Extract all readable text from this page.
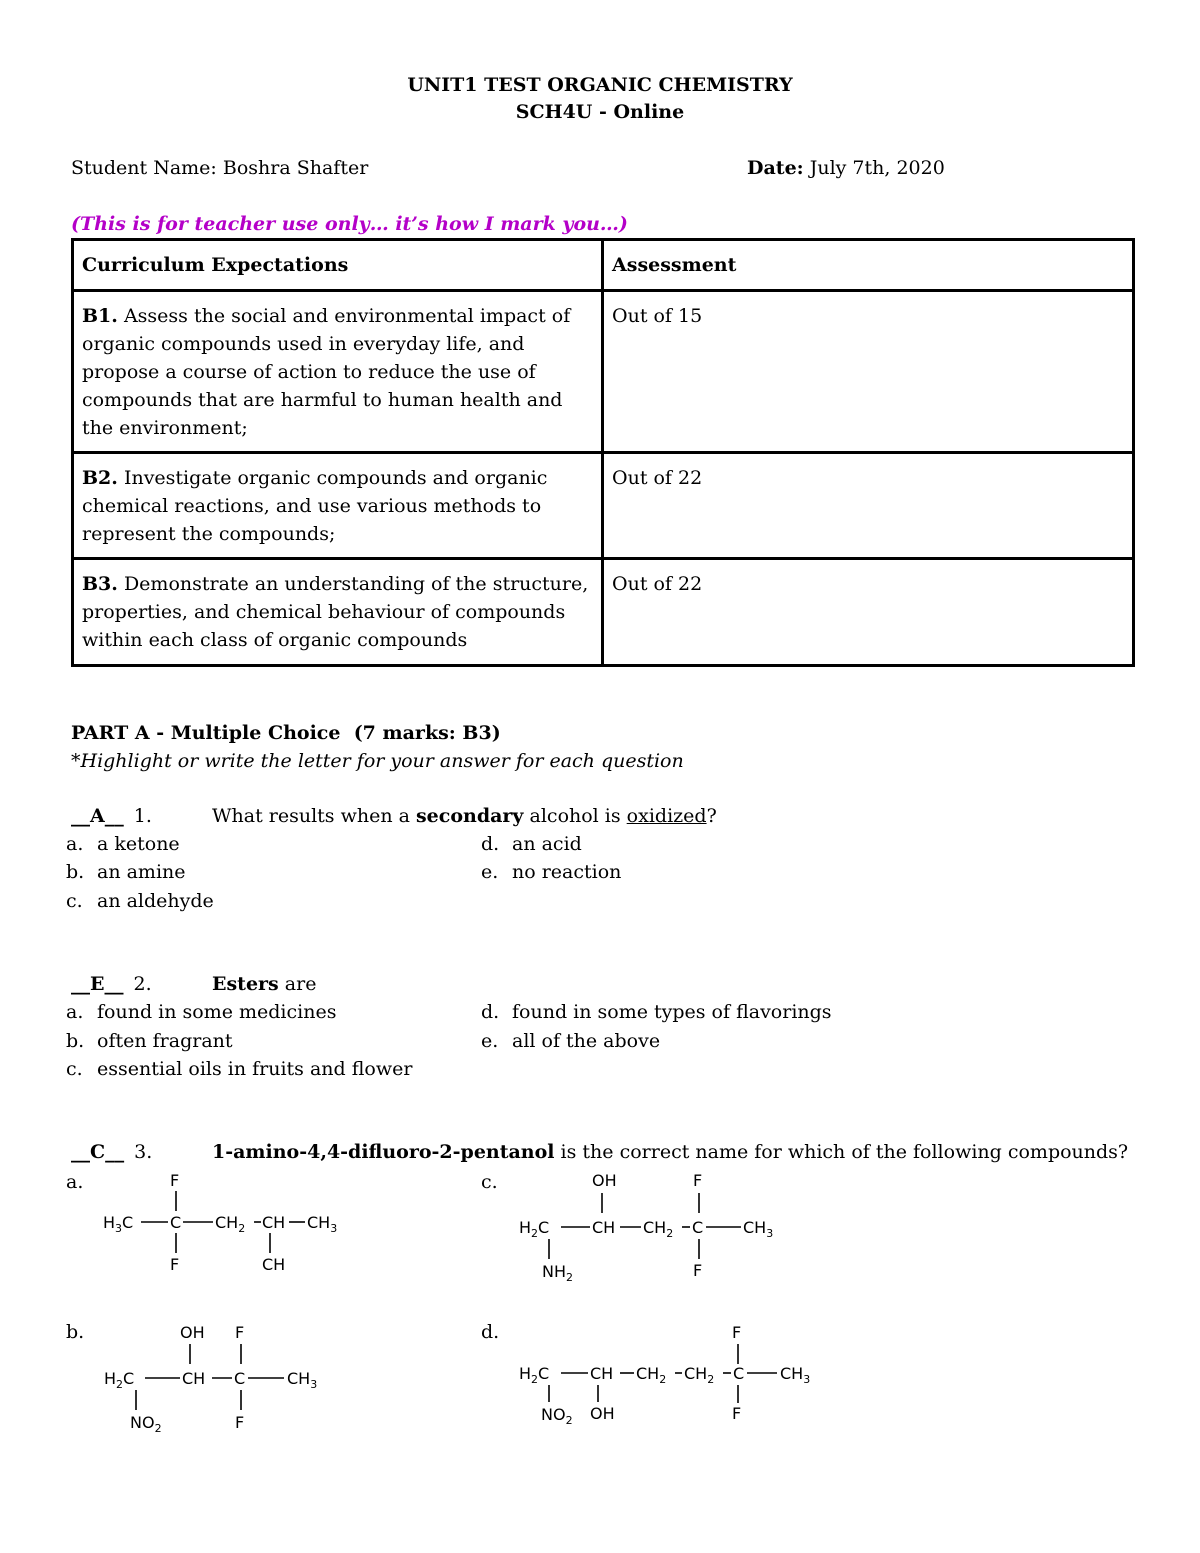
UNIT1 TEST ORGANIC CHEMISTRY
SCH4U - Online
Student Name: Boshra Shafter	Date: July 7th, 2020
(This is for teacher use only… it’s how I mark you…)
Curriculum Expectations	Assessment
B1. Assess the social and environmental impact of organic compounds used in everyday life, and propose a course of action to reduce the use of compounds that are harmful to human health and the environment;	Out of 15
B2. Investigate organic compounds and organic chemical reactions, and use various methods to represent the compounds;	Out of 22
B3. Demonstrate an understanding of the structure, properties, and chemical behaviour of compounds within each class of organic compounds	Out of 22
PART A - Multiple Choice  (7 marks: B3)
*Highlight or write the letter for your answer for each question
__A__ 1.	What results when a secondary alcohol is oxidized?
a. a ketone
b. an amine
c. an aldehyde
d. an acid
e. no reaction
__E__ 2.	Esters are
a. found in some medicines
b. often fragrant
c. essential oils in fruits and flower
d. found in some types of flavorings
e. all of the above
__C__ 3.	1-amino-4,4-difluoro-2-pentanol is the correct name for which of the following compounds?
a.	c.
b.	d.
F
$H_3C$ C $CH_2$ CH $CH_3$
F	CH
OH	F
$H_2C$	CH $CH_2$ C $CH_3$
$NH_2$	F
OH F
$H_2C$	CH C	$CH_3$
$NO_2$	F
F
$H_2C$	CH $CH_2$ $CH_2$ C $CH_3$
$NO_2$ OH	F
